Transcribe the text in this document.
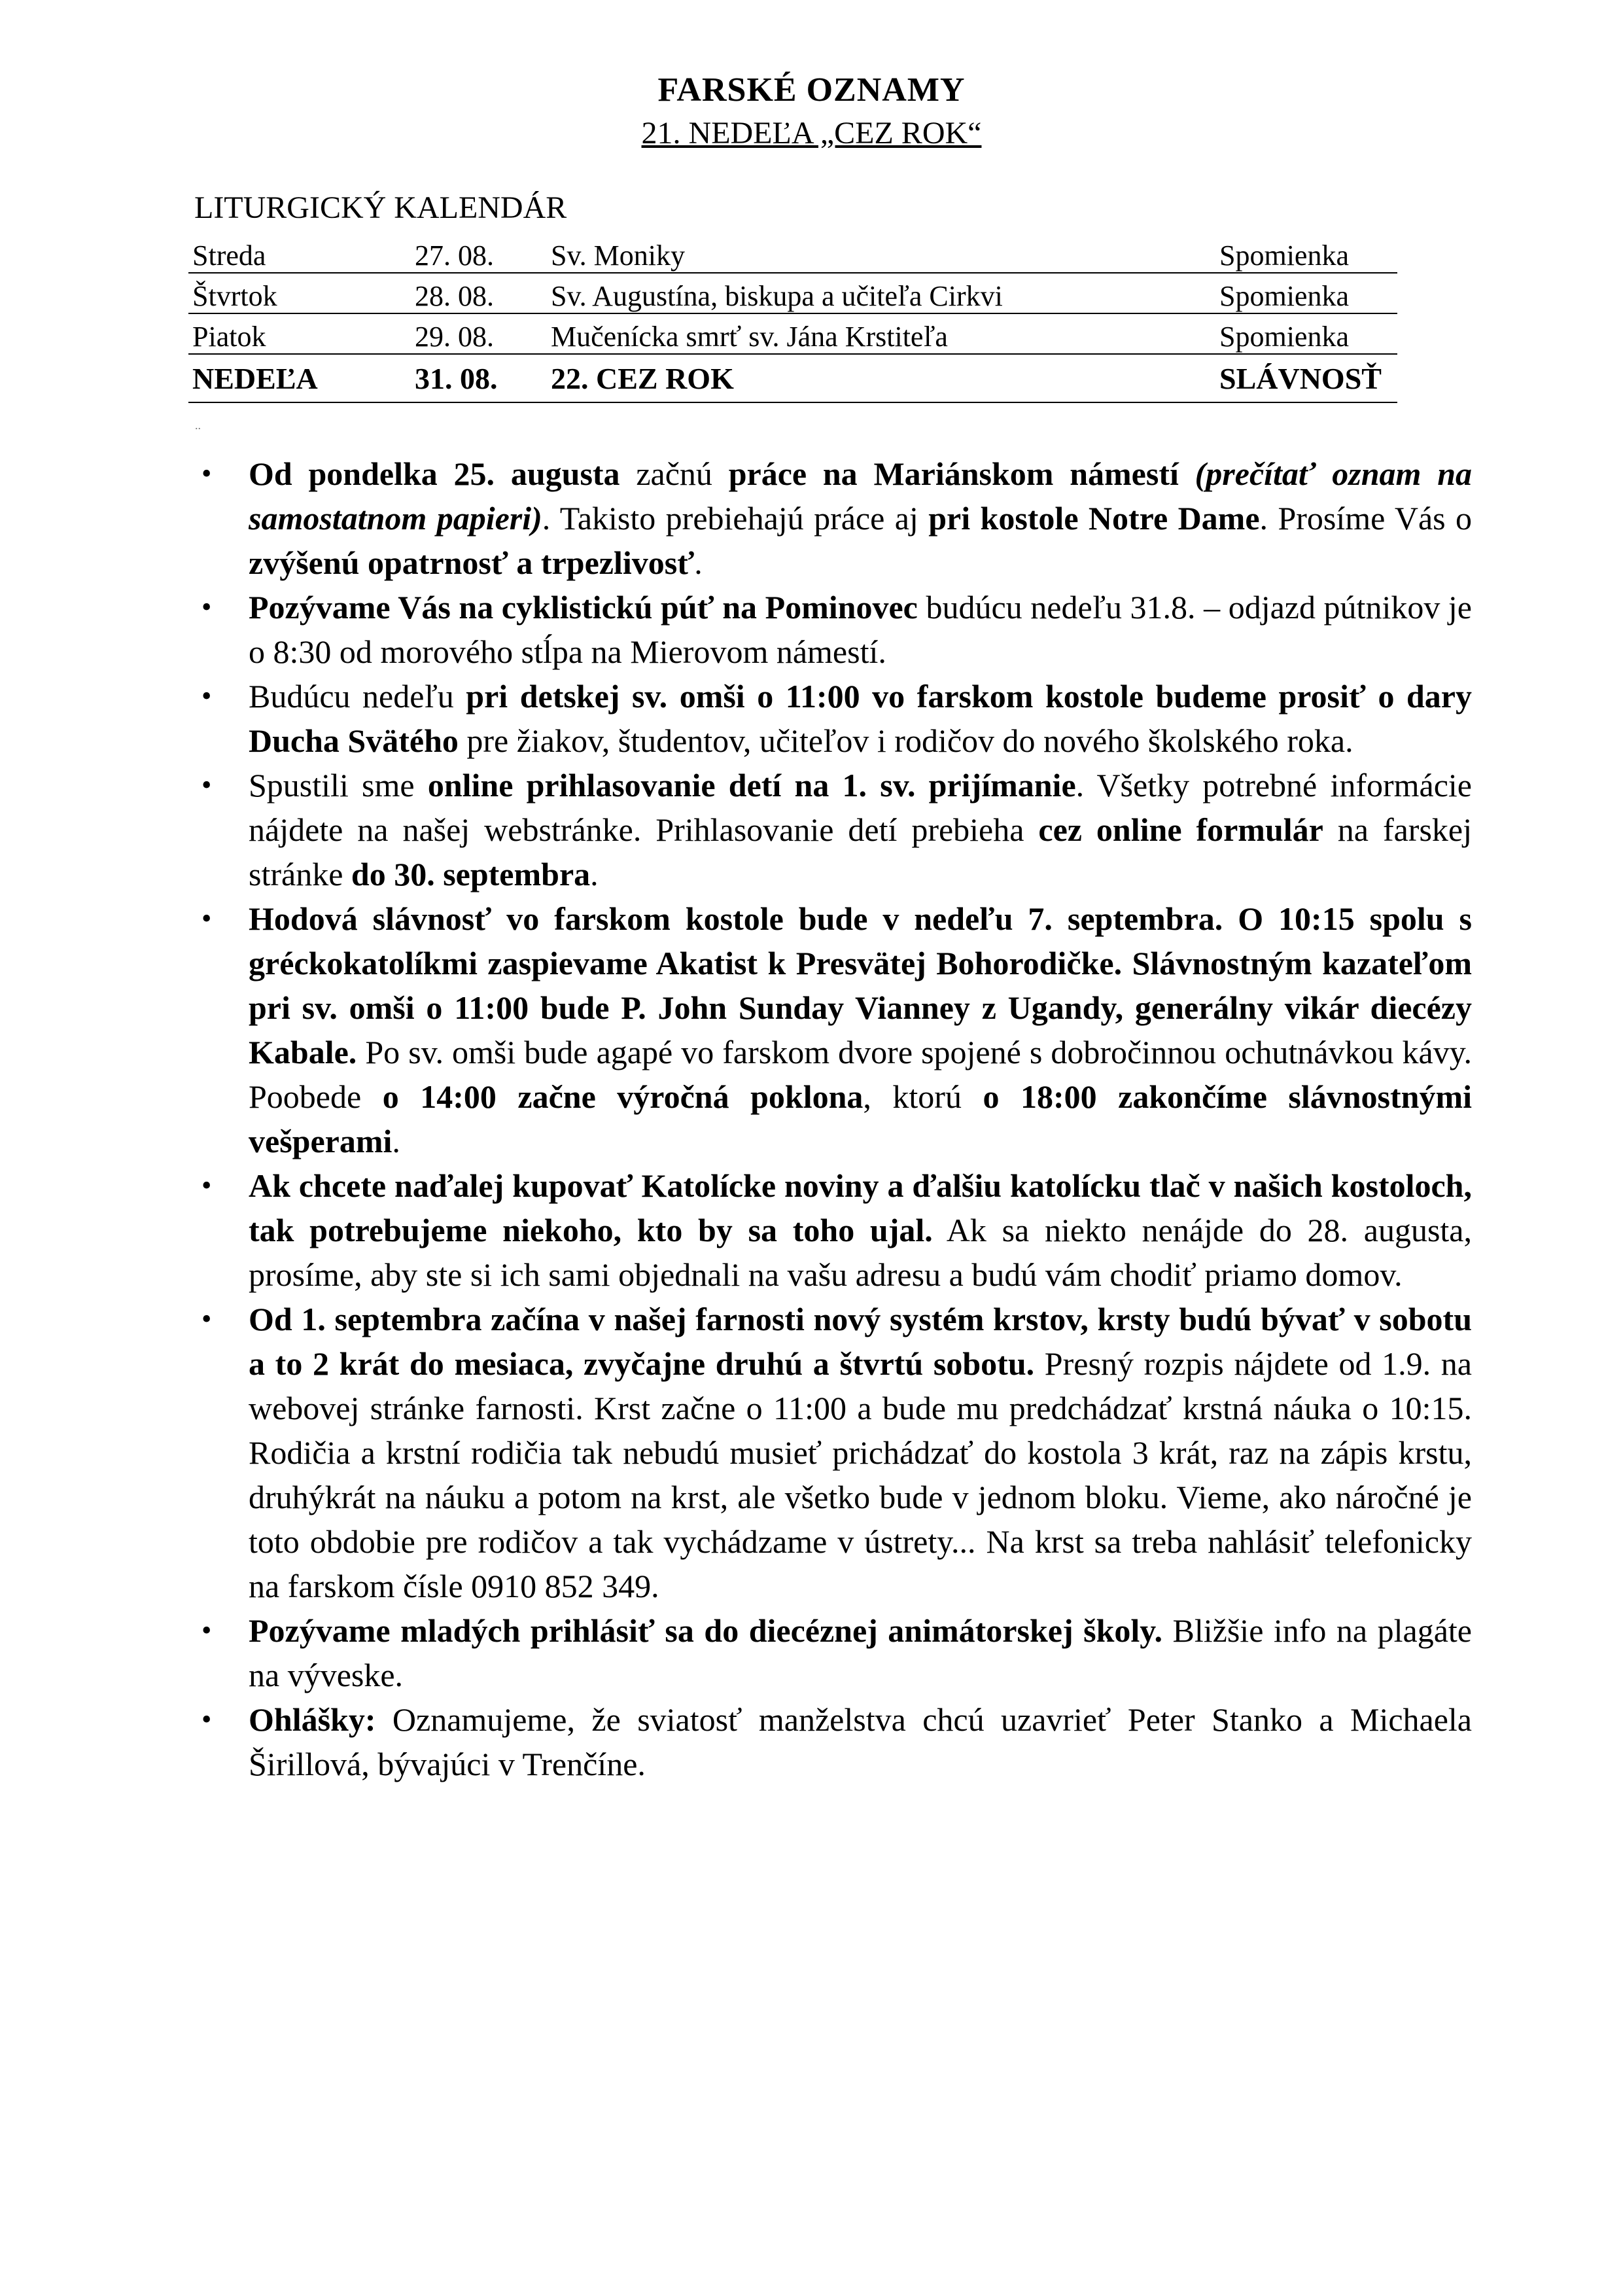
FARSKÉ OZNAMY
21. NEDEĽA „CEZ ROK“
LITURGICKÝ KALENDÁR
Streda	27. 08.	Sv. Moniky	Spomienka
Štvrtok	28. 08.	Sv. Augustína, biskupa a učiteľa Cirkvi	Spomienka
Piatok	29. 08.	Mučenícka smrť sv. Jána Krstiteľa	Spomienka
NEDEĽA	31. 08.	22. CEZ ROK	SLÁVNOSŤ
..
• Od pondelka 25. augusta začnú práce na Mariánskom námestí (prečítať oznam na samostatnom papieri). Takisto prebiehajú práce aj pri kostole Notre Dame. Prosíme Vás o zvýšenú opatrnosť a trpezlivosť.
• Pozývame Vás na cyklistickú púť na Pominovec budúcu nedeľu 31.8. – odjazd pútnikov je o 8:30 od morového stĺpa na Mierovom námestí.
• Budúcu nedeľu pri detskej sv. omši o 11:00 vo farskom kostole budeme prosiť o dary Ducha Svätého pre žiakov, študentov, učiteľov i rodičov do nového školského roka.
• Spustili sme online prihlasovanie detí na 1. sv. prijímanie. Všetky potrebné informácie nájdete na našej webstránke. Prihlasovanie detí prebieha cez online formulár na farskej stránke do 30. septembra.
• Hodová slávnosť vo farskom kostole bude v nedeľu 7. septembra. O 10:15 spolu s gréckokatolíkmi zaspievame Akatist k Presvätej Bohorodičke. Slávnostným kazateľom pri sv. omši o 11:00 bude P. John Sunday Vianney z Ugandy, generálny vikár diecézy Kabale. Po sv. omši bude agapé vo farskom dvore spojené s dobročinnou ochutnávkou kávy. Poobede o 14:00 začne výročná poklona, ktorú o 18:00 zakončíme slávnostnými vešperami.
• Ak chcete naďalej kupovať Katolícke noviny a ďalšiu katolícku tlač v našich kostoloch, tak potrebujeme niekoho, kto by sa toho ujal. Ak sa niekto nenájde do 28. augusta, prosíme, aby ste si ich sami objednali na vašu adresu a budú vám chodiť priamo domov.
• Od 1. septembra začína v našej farnosti nový systém krstov, krsty budú bývať v sobotu a to 2 krát do mesiaca, zvyčajne druhú a štvrtú sobotu. Presný rozpis nájdete od 1.9. na webovej stránke farnosti. Krst začne o 11:00 a bude mu predchádzať krstná náuka o 10:15. Rodičia a krstní rodičia tak nebudú musieť prichádzať do kostola 3 krát, raz na zápis krstu, druhýkrát na náuku a potom na krst, ale všetko bude v jednom bloku. Vieme, ako náročné je toto obdobie pre rodičov a tak vychádzame v ústrety... Na krst sa treba nahlásiť telefonicky na farskom čísle 0910 852 349.
• Pozývame mladých prihlásiť sa do diecéznej animátorskej školy. Bližšie info na plagáte na výveske.
• Ohlášky: Oznamujeme, že sviatosť manželstva chcú uzavrieť Peter Stanko a Michaela Širillová, bývajúci v Trenčíne.
